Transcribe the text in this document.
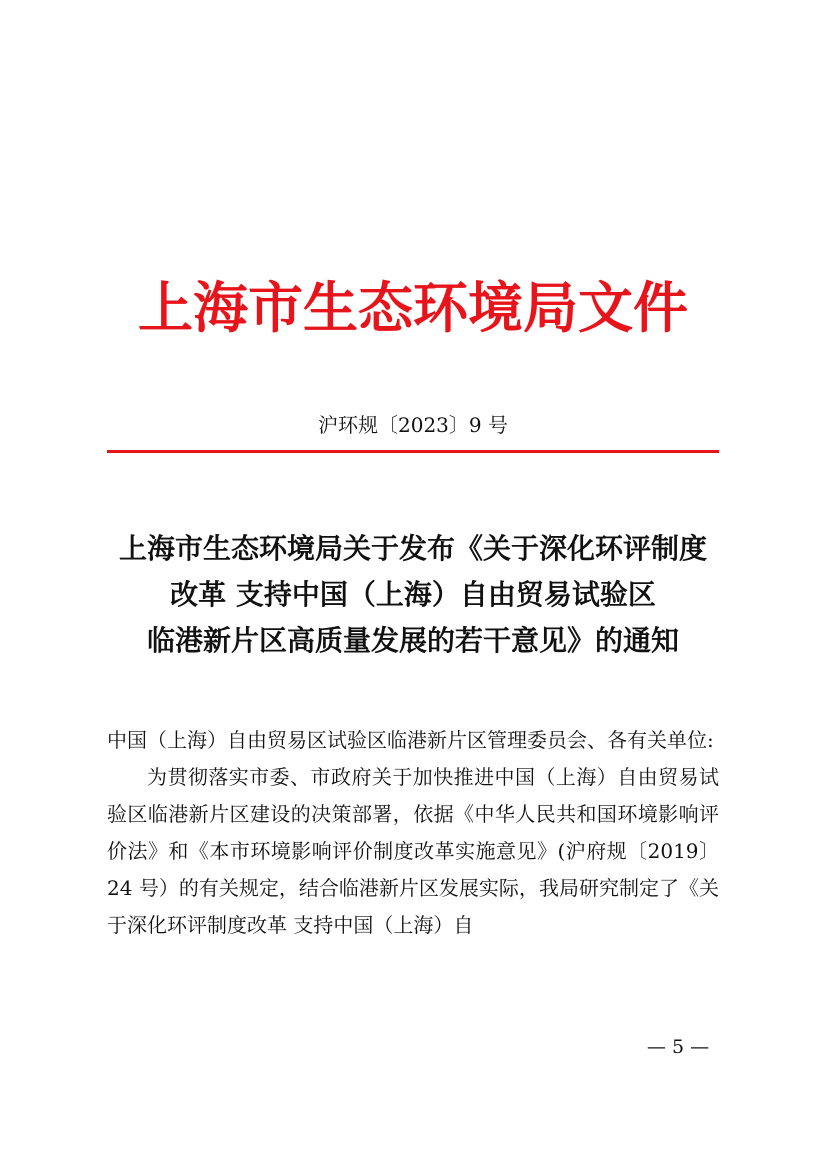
上海市生态环境局文件
沪环规〔2023〕9 号
上海市生态环境局关于发布《关于深化环评制度
改革 支持中国（上海）自由贸易试验区
临港新片区高质量发展的若干意见》的通知

中国（上海）自由贸易区试验区临港新片区管理委员会、各有关单位:

为贯彻落实市委、市政府关于加快推进中国（上海）自由贸易试验区临港新片区建设的决策部署，依据《中华人民共和国环境影响评价法》和《本市环境影响评价制度改革实施意见》(沪府规〔2019〕24 号）的有关规定，结合临港新片区发展实际，我局研究制定了《关于深化环评制度改革 支持中国（上海）自

— 5 —
